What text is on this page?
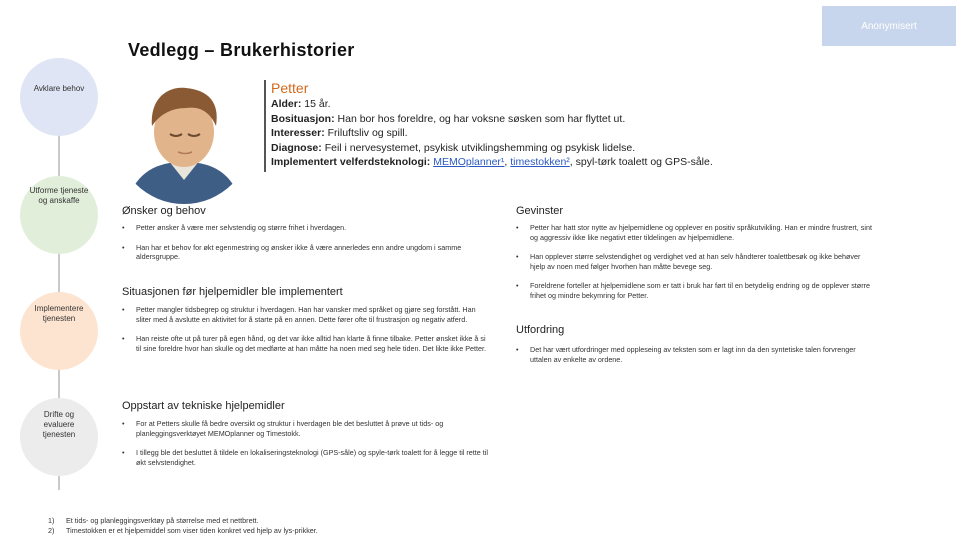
Anonymisert
Vedlegg – Brukerhistorier
Avklare behov
Utforme tjeneste og anskaffe
Implementere tjenesten
Drifte og evaluere tjenesten
Petter
Alder: 15 år.
Bosituasjon: Han bor hos foreldre, og har voksne søsken som har flyttet ut.
Interesser: Friluftsliv og spill.
Diagnose: Feil i nervesystemet, psykisk utviklingshemming og psykisk lidelse.
Implementert velferdsteknologi: MEMOplanner¹, timestokken², spyl-tørk toalett og GPS-såle.
Ønsker og behov
• Petter ønsker å være mer selvstendig og større frihet i hverdagen.
• Han har et behov for økt egenmestring og ønsker ikke å være annerledes enn andre ungdom i samme aldersgruppe.
Situasjonen før hjelpemidler ble implementert
• Petter mangler tidsbegrep og struktur i hverdagen. Han har vansker med språket og gjøre seg forstått. Han sliter med å avslutte en aktivitet for å starte på en annen. Dette fører ofte til frustrasjon og negativ atferd.
• Han reiste ofte ut på turer på egen hånd, og det var ikke alltid han klarte å finne tilbake. Petter ønsket ikke å si til sine foreldre hvor han skulle og det medførte at han måtte ha noen med seg hele tiden. Det likte ikke Petter.
Oppstart av tekniske hjelpemidler
• For at Petters skulle få bedre oversikt og struktur i hverdagen ble det besluttet å prøve ut tids- og planleggingsverktøyet MEMOplanner og Timestokk.
• I tillegg ble det besluttet å tildele en lokaliseringsteknologi (GPS-såle) og spyle-tørk toalett for å legge til rette til økt selvstendighet.
Gevinster
• Petter har hatt stor nytte av hjelpemidlene og opplever en positiv språkutvikling. Han er mindre frustrert, sint og aggressiv ikke like negativt etter tildelingen av hjelpemidlene.
• Han opplever større selvstendighet og verdighet ved at han selv håndterer toalettbesøk og ikke behøver hjelp av noen med følger hvorhen han måtte bevege seg.
• Foreldrene forteller at hjelpemidlene som er tatt i bruk har ført til en betydelig endring og de opplever større frihet og mindre bekymring for Petter.
Utfordring
• Det har vært utfordringer med oppleseing av teksten som er lagt inn da den syntetiske talen forvrenger uttalen av enkelte av ordene.
1)	Et tids- og planleggingsverktøy på størrelse med et nettbrett.
2)	Timestokken er et hjelpemiddel som viser tiden konkret ved hjelp av lys-prikker.
